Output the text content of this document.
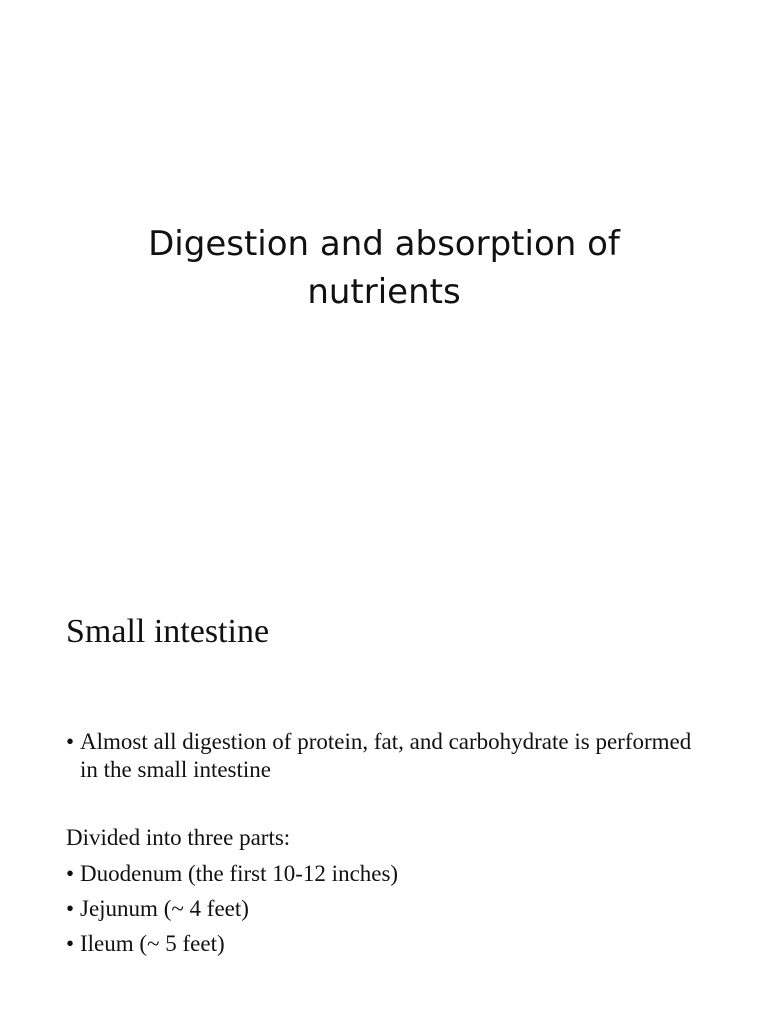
Digestion and absorption of
nutrients
Small intestine

• Almost all digestion of protein, fat, and carbohydrate is performed in the small intestine

Divided into three parts:

• Duodenum (the first 10-12 inches)

• Jejunum (~ 4 feet)

• Ileum (~ 5 feet)
